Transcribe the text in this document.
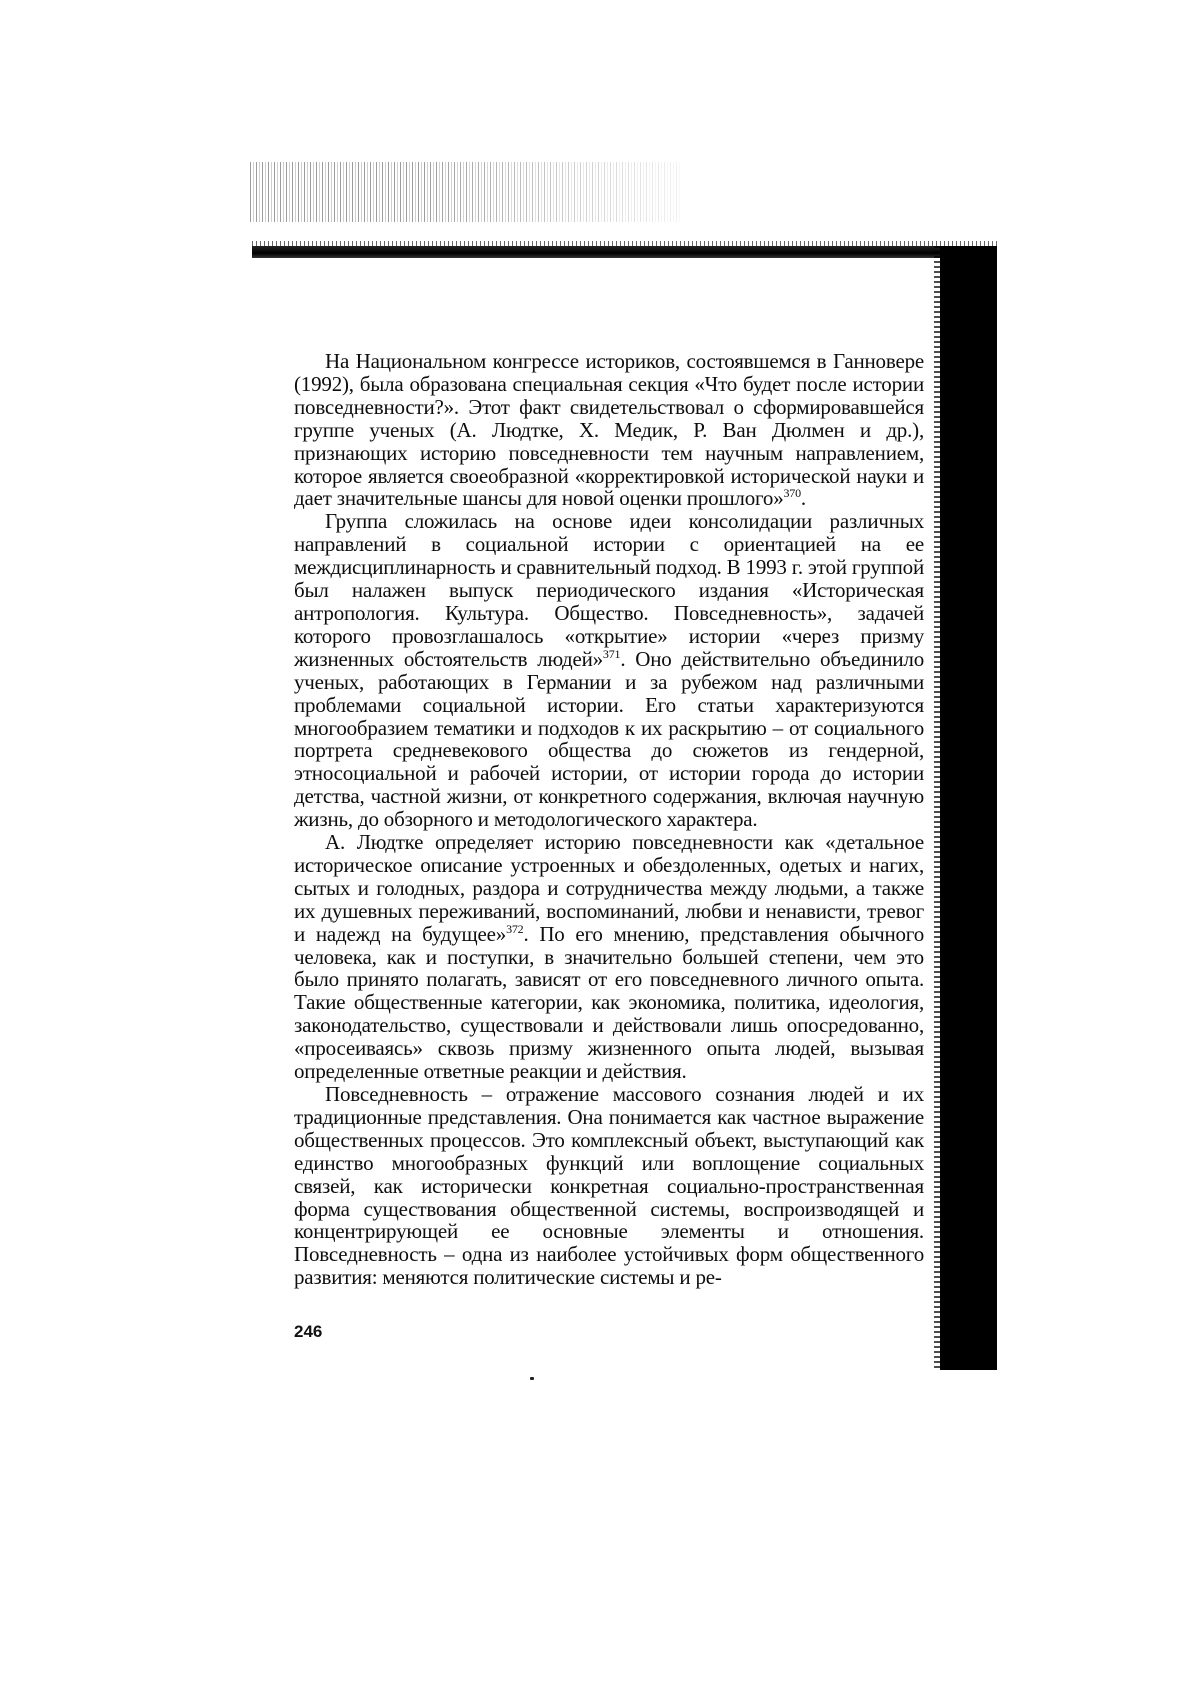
На Национальном конгрессе историков, состоявшемся в Ганновере (1992), была образована специальная секция «Что будет после истории повседневности?». Этот факт свидетельствовал о сформировавшейся группе ученых (А. Людтке, Х. Медик, Р. Ван Дюлмен и др.), признающих историю повседневности тем научным направлением, которое является своеобразной «корректировкой исторической науки и дает значительные шансы для новой оценки прошлого»$^{370}$.

Группа сложилась на основе идеи консолидации различных направлений в социальной истории с ориентацией на ее междисциплинарность и сравнительный подход. В 1993 г. этой группой был налажен выпуск периодического издания «Историческая антропология. Культура. Общество. Повседневность», задачей которого провозглашалось «открытие» истории «через призму жизненных обстоятельств людей»$^{371}$. Оно действительно объединило ученых, работающих в Германии и за рубежом над различными проблемами социальной истории. Его статьи характеризуются многообразием тематики и подходов к их раскрытию – от социального портрета средневекового общества до сюжетов из гендерной, этносоциальной и рабочей истории, от истории города до истории детства, частной жизни, от конкретного содержания, включая научную жизнь, до обзорного и методологического характера.

А. Людтке определяет историю повседневности как «детальное историческое описание устроенных и обездоленных, одетых и нагих, сытых и голодных, раздора и сотрудничества между людьми, а также их душевных переживаний, воспоминаний, любви и ненависти, тревог и надежд на будущее»$^{372}$. По его мнению, представления обычного человека, как и поступки, в значительно большей степени, чем это было принято полагать, зависят от его повседневного личного опыта. Такие общественные категории, как экономика, политика, идеология, законодательство, существовали и действовали лишь опосредованно, «просеиваясь» сквозь призму жизненного опыта людей, вызывая определенные ответные реакции и действия.

Повседневность – отражение массового сознания людей и их традиционные представления. Она понимается как частное выражение общественных процессов. Это комплексный объект, выступающий как единство многообразных функций или воплощение социальных связей, как исторически конкретная социально-пространственная форма существования общественной системы, воспроизводящей и концентрирующей ее основные элементы и отношения. Повседневность – одна из наиболее устойчивых форм общественного развития: меняются политические системы и ре-

246
